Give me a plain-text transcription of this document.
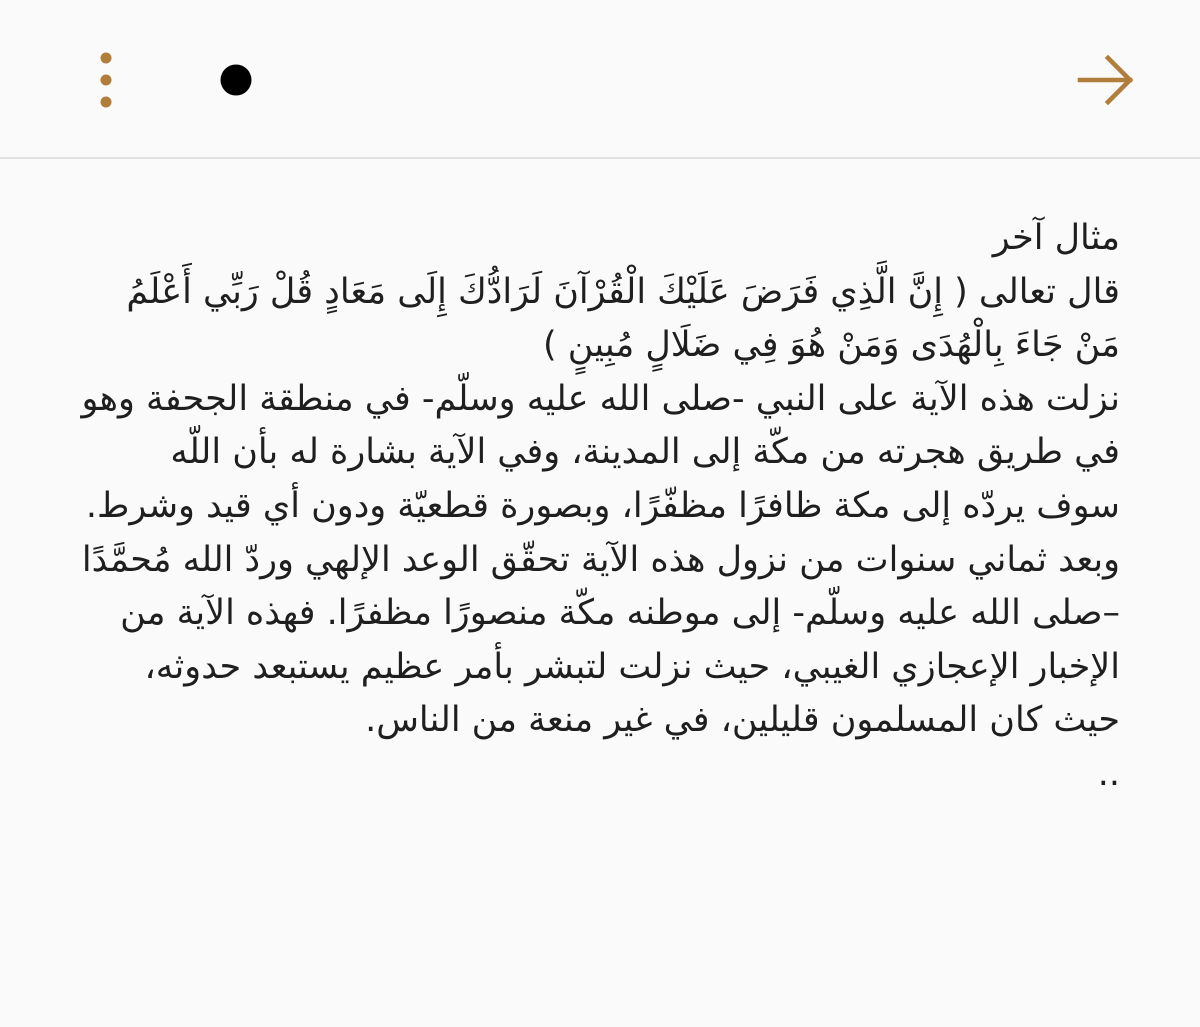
مثال آخر

قال تعالى ( إِنَّ الَّذِي فَرَضَ عَلَيْكَ الْقُرْآنَ لَرَادُّكَ إِلَى مَعَادٍ قُلْ رَبِّي أَعْلَمُ مَنْ جَاءَ بِالْهُدَى وَمَنْ هُوَ فِي ضَلَالٍ مُبِينٍ )

نزلت هذه الآية على النبي -صلى الله عليه وسلّم- في منطقة الجحفة وهو في طريق هجرته من مكّة إلى المدينة، وفي الآية بشارة له بأن اللّه سوف يردّه إلى مكة ظافرًا مظفّرًا، وبصورة قطعيّة ودون أي قيد وشرط. وبعد ثماني سنوات من نزول هذه الآية تحقّق الوعد الإلهي وردّ الله مُحمَّدًا –صلى الله عليه وسلّم- إلى موطنه مكّة منصورًا مظفرًا. فهذه الآية من الإخبار الإعجازي الغيبي، حيث نزلت لتبشر بأمر عظيم يستبعد حدوثه، حيث كان المسلمون قليلين، في غير منعة من الناس.

..
